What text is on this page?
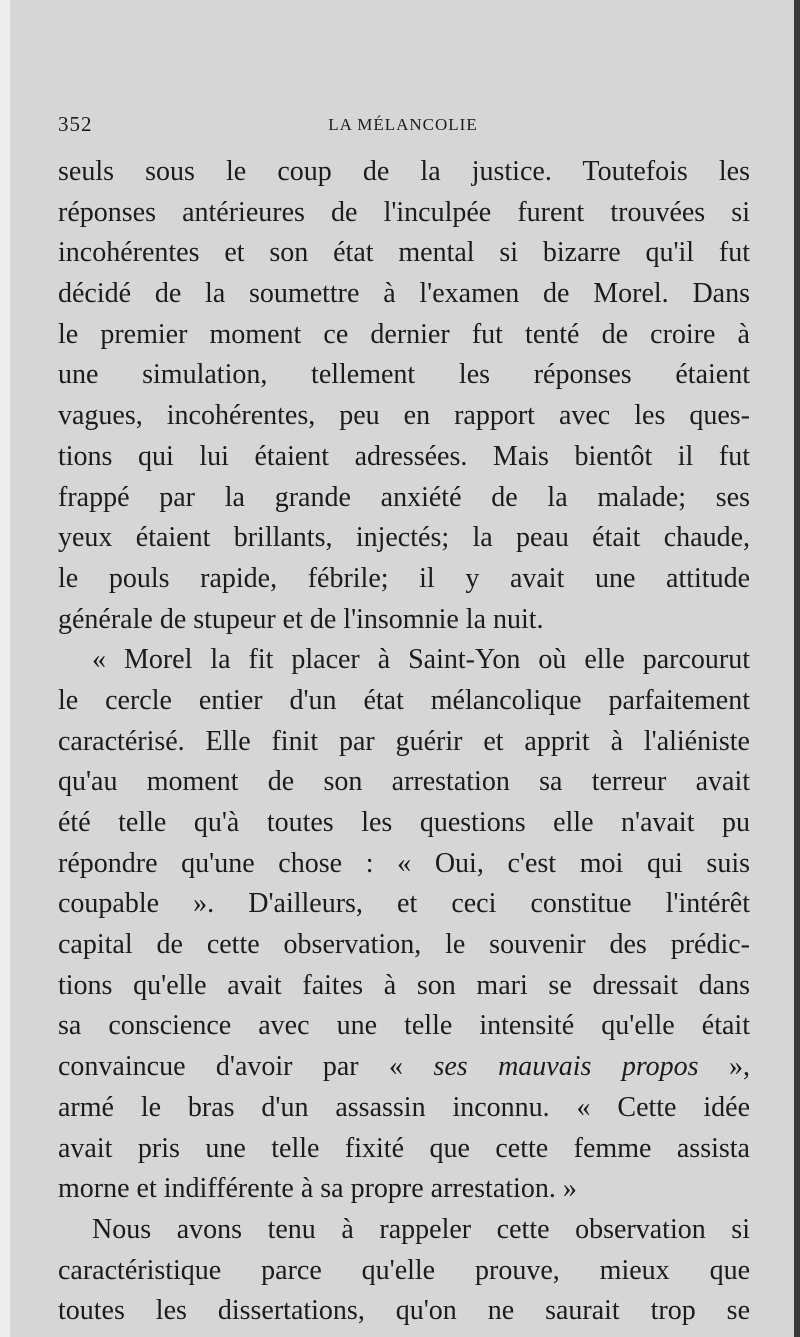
352	LA MÉLANCOLIE
seuls sous le coup de la justice. Toutefois les
réponses antérieures de l'inculpée furent trouvées si
incohérentes et son état mental si bizarre qu'il fut
décidé de la soumettre à l'examen de Morel. Dans
le premier moment ce dernier fut tenté de croire à
une simulation, tellement les réponses étaient
vagues, incohérentes, peu en rapport avec les ques-
tions qui lui étaient adressées. Mais bientôt il fut
frappé par la grande anxiété de la malade; ses
yeux étaient brillants, injectés; la peau était chaude,
le pouls rapide, fébrile; il y avait une attitude
générale de stupeur et de l'insomnie la nuit.
« Morel la fit placer à Saint-Yon où elle parcourut
le cercle entier d'un état mélancolique parfaitement
caractérisé. Elle finit par guérir et apprit à l'aliéniste
qu'au moment de son arrestation sa terreur avait
été telle qu'à toutes les questions elle n'avait pu
répondre qu'une chose : « Oui, c'est moi qui suis
coupable ». D'ailleurs, et ceci constitue l'intérêt
capital de cette observation, le souvenir des prédic-
tions qu'elle avait faites à son mari se dressait dans
sa conscience avec une telle intensité qu'elle était
convaincue d'avoir par « ses mauvais propos »,
armé le bras d'un assassin inconnu. « Cette idée
avait pris une telle fixité que cette femme assista
morne et indifférente à sa propre arrestation. »
Nous avons tenu à rappeler cette observation si
caractéristique parce qu'elle prouve, mieux que
toutes les dissertations, qu'on ne saurait trop se
